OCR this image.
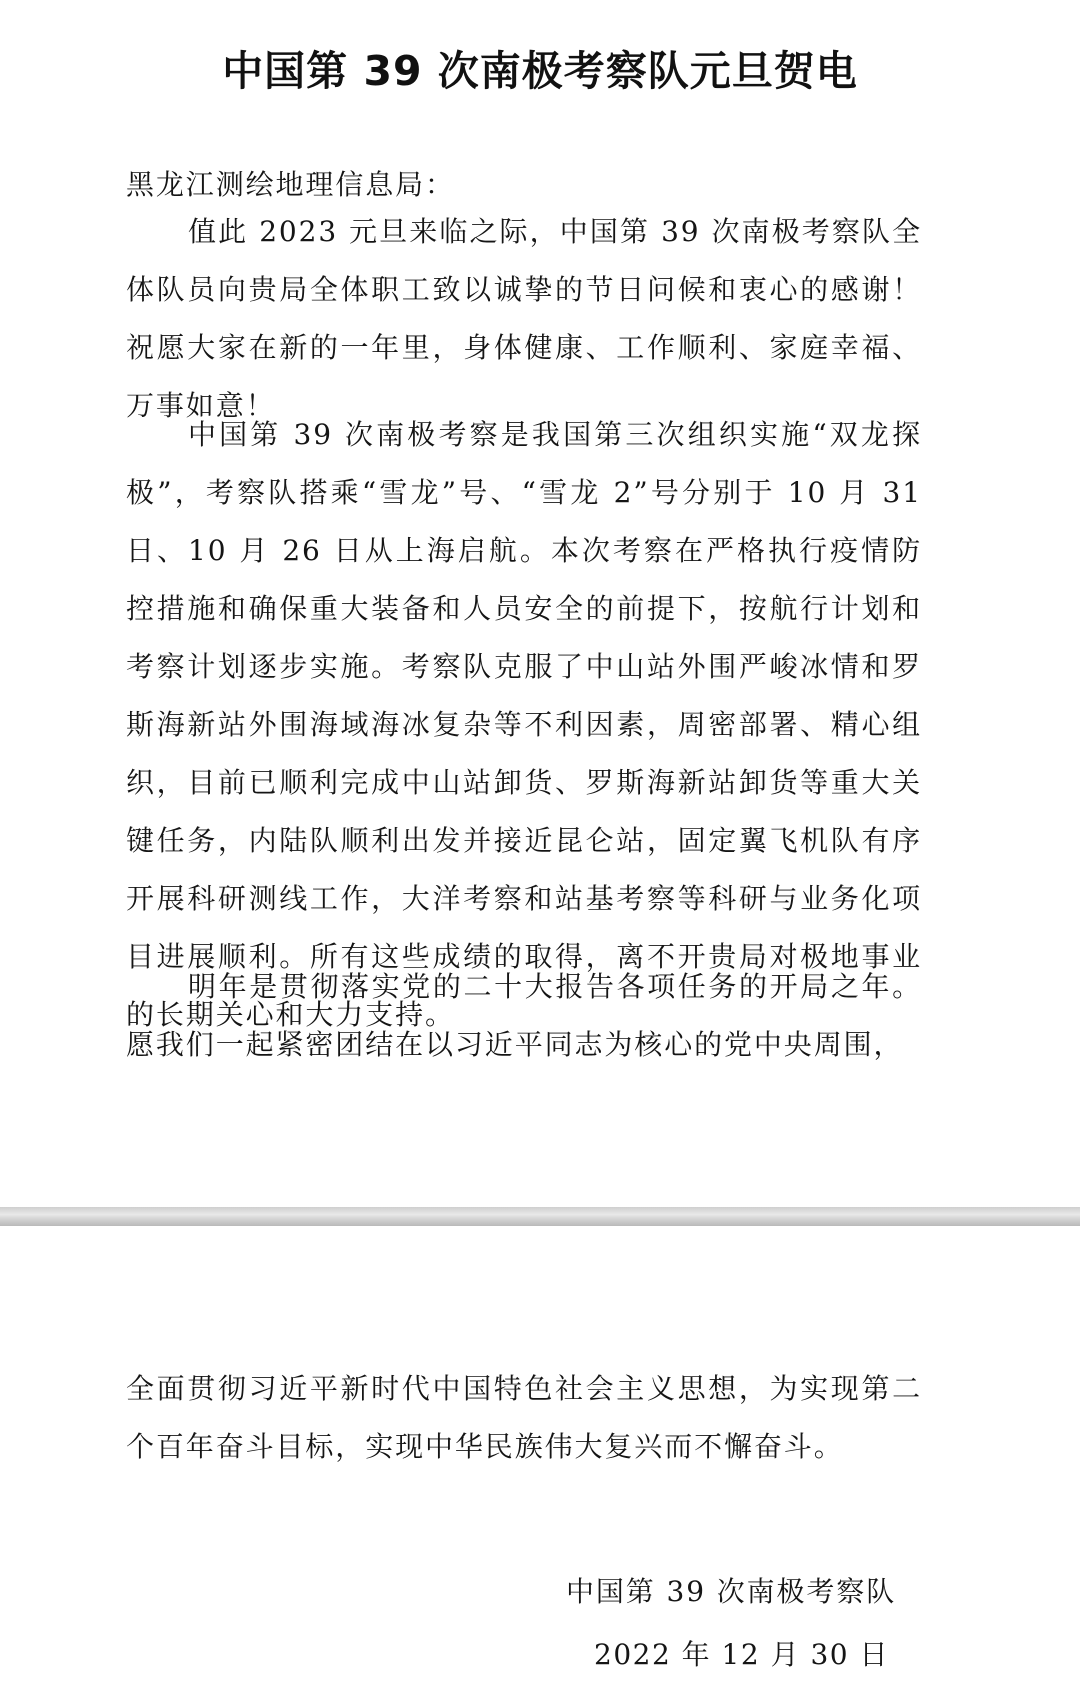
中国第 39 次南极考察队元旦贺电

黑龙江测绘地理信息局：

值此 2023 元旦来临之际，中国第 39 次南极考察队全体队员向贵局全体职工致以诚挚的节日问候和衷心的感谢！祝愿大家在新的一年里，身体健康、工作顺利、家庭幸福、万事如意！

中国第 39 次南极考察是我国第三次组织实施“双龙探极”，考察队搭乘“雪龙”号、“雪龙 2”号分别于 10 月 31 日、10 月 26 日从上海启航。本次考察在严格执行疫情防控措施和确保重大装备和人员安全的前提下，按航行计划和考察计划逐步实施。考察队克服了中山站外围严峻冰情和罗斯海新站外围海域海冰复杂等不利因素，周密部署、精心组织，目前已顺利完成中山站卸货、罗斯海新站卸货等重大关键任务，内陆队顺利出发并接近昆仑站，固定翼飞机队有序开展科研测线工作，大洋考察和站基考察等科研与业务化项目进展顺利。所有这些成绩的取得，离不开贵局对极地事业的长期关心和大力支持。

明年是贯彻落实党的二十大报告各项任务的开局之年。愿我们一起紧密团结在以习近平同志为核心的党中央周围，

全面贯彻习近平新时代中国特色社会主义思想，为实现第二个百年奋斗目标，实现中华民族伟大复兴而不懈奋斗。

中国第 39 次南极考察队

2022 年 12 月 30 日
